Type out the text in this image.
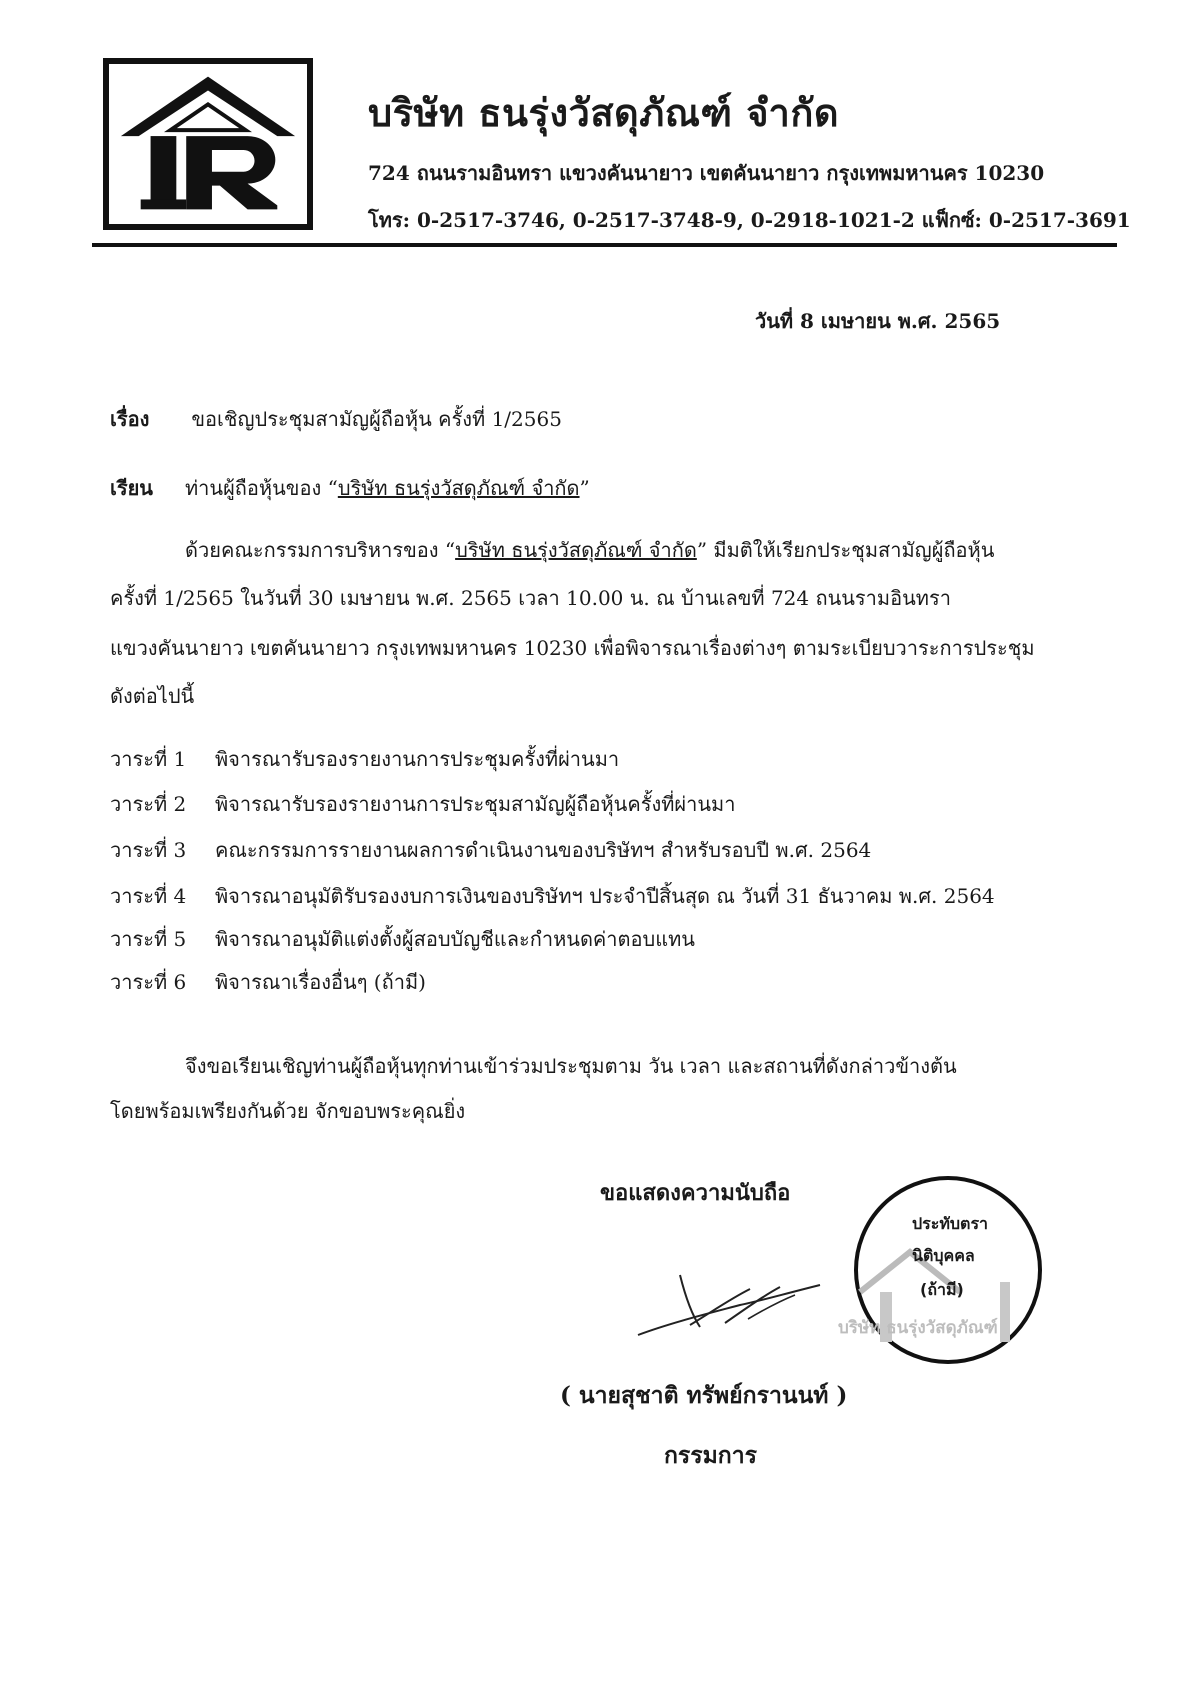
บริษัท ธนรุ่งวัสดุภัณฑ์ จำกัด
724 ถนนรามอินทรา แขวงคันนายาว เขตคันนายาว กรุงเทพมหานคร 10230
โทร: 0-2517-3746, 0-2517-3748-9, 0-2918-1021-2 แฟ็กซ์: 0-2517-3691
วันที่ 8 เมษายน พ.ศ. 2565
เรื่อง ขอเชิญประชุมสามัญผู้ถือหุ้น ครั้งที่ 1/2565
เรียน ท่านผู้ถือหุ้นของ “บริษัท ธนรุ่งวัสดุภัณฑ์ จำกัด”
ด้วยคณะกรรมการบริหารของ “บริษัท ธนรุ่งวัสดุภัณฑ์ จำกัด” มีมติให้เรียกประชุมสามัญผู้ถือหุ้น
ครั้งที่ 1/2565 ในวันที่ 30 เมษายน พ.ศ. 2565 เวลา 10.00 น. ณ บ้านเลขที่ 724 ถนนรามอินทรา
แขวงคันนายาว เขตคันนายาว กรุงเทพมหานคร 10230 เพื่อพิจารณาเรื่องต่างๆ ตามระเบียบวาระการประชุม
ดังต่อไปนี้
วาระที่ 1 พิจารณารับรองรายงานการประชุมครั้งที่ผ่านมา
วาระที่ 2 พิจารณารับรองรายงานการประชุมสามัญผู้ถือหุ้นครั้งที่ผ่านมา
วาระที่ 3 คณะกรรมการรายงานผลการดำเนินงานของบริษัทฯ สำหรับรอบปี พ.ศ. 2564
วาระที่ 4 พิจารณาอนุมัติรับรองงบการเงินของบริษัทฯ ประจำปีสิ้นสุด ณ วันที่ 31 ธันวาคม พ.ศ. 2564
วาระที่ 5 พิจารณาอนุมัติแต่งตั้งผู้สอบบัญชีและกำหนดค่าตอบแทน
วาระที่ 6 พิจารณาเรื่องอื่นๆ (ถ้ามี)
จึงขอเรียนเชิญท่านผู้ถือหุ้นทุกท่านเข้าร่วมประชุมตาม วัน เวลา และสถานที่ดังกล่าวข้างต้น
โดยพร้อมเพรียงกันด้วย จักขอบพระคุณยิ่ง
ขอแสดงความนับถือ
ประทับตรา
นิติบุคคล
(ถ้ามี)
บริษัท ธนรุ่งวัสดุภัณฑ์
( นายสุชาติ ทรัพย์กรานนท์ )
กรรมการ
